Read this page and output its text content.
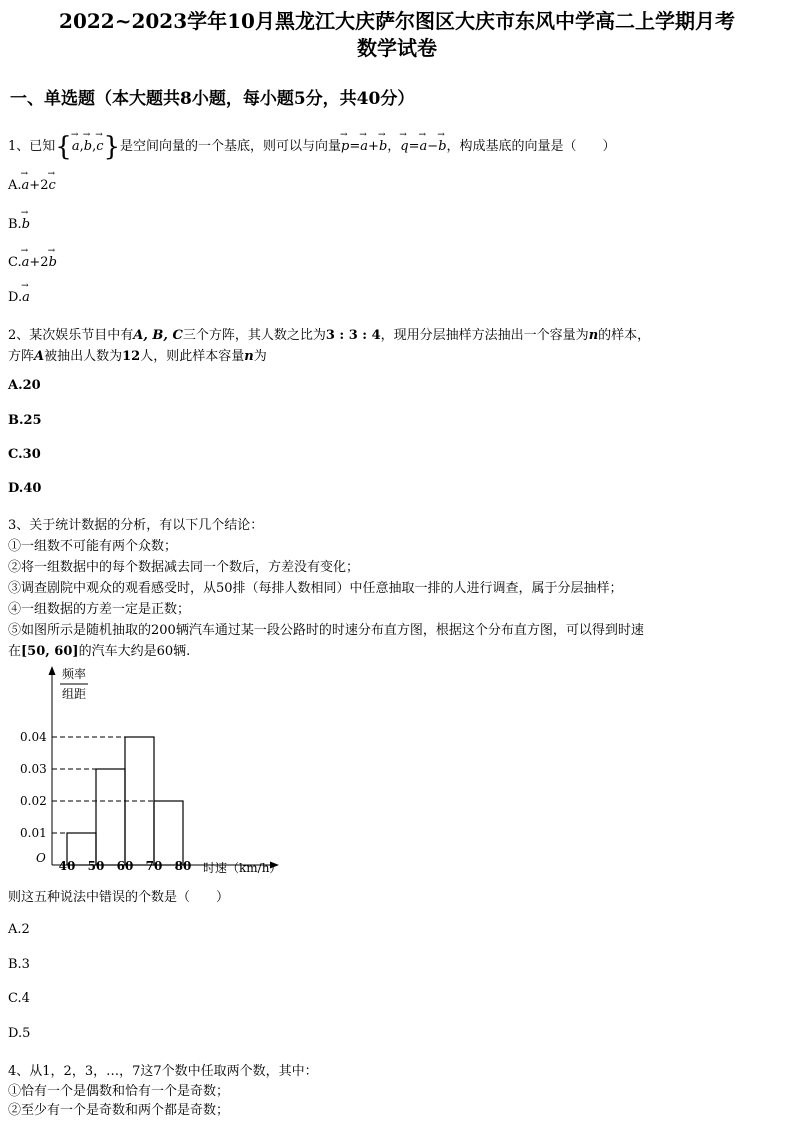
2022~2023学年10月黑龙江大庆萨尔图区大庆市东风中学高二上学期月考
数学试卷
一、单选题（本大题共8小题，每小题5分，共40分）
1、已知{a →,b →,c →}是空间向量的一个基底，则可以与向量p →=a →+b →，q →=a →−b →，构成基底的向量是（　　）
A.a →+2c →
B.b →
C.a →+2b →
D.a →
2、某次娱乐节目中有A, B, C三个方阵，其人数之比为3 : 3 : 4，现用分层抽样方法抽出一个容量为n的样本，
方阵A被抽出人数为12人，则此样本容量n为
A.20
B.25
C.30
D.40
3、关于统计数据的分析，有以下几个结论：
①一组数不可能有两个众数；
②将一组数据中的每个数据减去同一个数后，方差没有变化；
③调查剧院中观众的观看感受时，从50排（每排人数相同）中任意抽取一排的人进行调查，属于分层抽样；
④一组数据的方差一定是正数；
⑤如图所示是随机抽取的200辆汽车通过某一段公路时的时速分布直方图，根据这个分布直方图，可以得到时速
在[50, 60]的汽车大约是60辆.
频率
组距
O
时速（km/h）
0.01
0.02
0.03
0.04
40 50 60 70 80
则这五种说法中错误的个数是（　　）
A.2
B.3
C.4
D.5
4、从1，2，3，…，7这7个数中任取两个数，其中：
①恰有一个是偶数和恰有一个是奇数；
②至少有一个是奇数和两个都是奇数；
